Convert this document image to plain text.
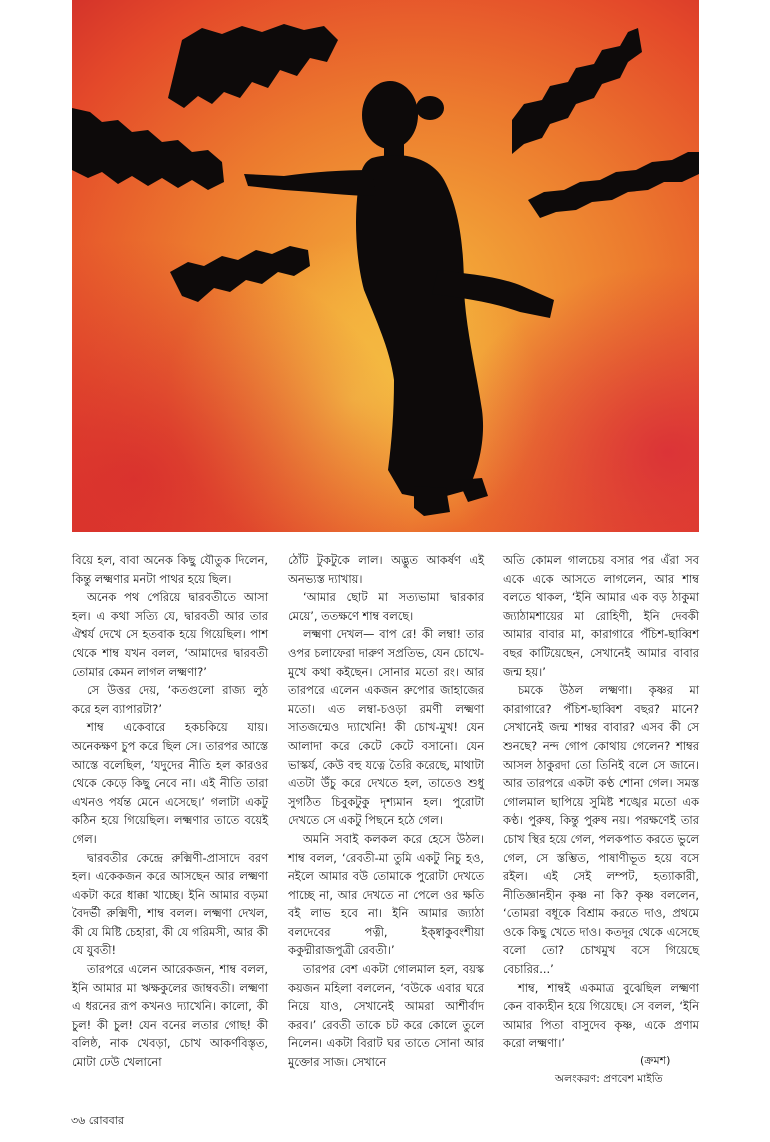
বিয়ে হল, বাবা অনেক কিছু যৌতুক দিলেন, কিন্তু লক্ষ্মণার মনটা পাথর হয়ে ছিল।

অনেক পথ পেরিয়ে দ্বারবতীতে আসা হল। এ কথা সত্যি যে, দ্বারবতী আর তার ঐশ্বর্য দেখে সে হতবাক হয়ে গিয়েছিল। পাশ থেকে শাম্ব যখন বলল, ‘আমাদের দ্বারবতী তোমার কেমন লাগল লক্ষ্মণা?’

সে উত্তর দেয়, ‘কতগুলো রাজ্য লুঠ করে হল ব্যাপারটা?’

শাম্ব একেবারে হকচকিয়ে যায়। অনেকক্ষণ চুপ করে ছিল সে। তারপর আস্তে আস্তে বলেছিল, ‘যদুদের নীতি হল কারওর থেকে কেড়ে কিছু নেবে না। এই নীতি তারা এখনও পর্যন্ত মেনে এসেছে।’ গলাটা একটু কঠিন হয়ে গিয়েছিল। লক্ষ্মণার তাতে বয়েই গেল।

দ্বারবতীর কেন্দ্রে রুক্মিণী-প্রাসাদে বরণ হল। একেকজন করে আসছেন আর লক্ষ্মণা একটা করে ধাক্কা খাচ্ছে। ইনি আমার বড়মা বৈদর্ভী রুক্মিণী, শাম্ব বলল। লক্ষ্মণা দেখল, কী যে মিষ্টি চেহারা, কী যে গরিমসী, আর কী যে যুবতী!

তারপরে এলেন আরেকজন, শাম্ব বলল, ইনি আমার মা ঋক্ষকুলের জাম্ববতী। লক্ষ্মণা এ ধরনের রূপ কখনও দ্যাখেনি। কালো, কী চুল! কী চুল! যেন বনের লতার গোছ! কী বলিষ্ঠ, নাক খেবড়া, চোখ আকর্ণবিস্তৃত, মোটা ঢেউ খেলানো

ঠোঁট টুকটুকে লাল। অদ্ভুত আকর্ষণ এই অনভ্যস্ত দ্যাখায়।

‘আমার ছোট মা সত্যভামা দ্বারকার মেয়ে’, ততক্ষণে শাম্ব বলছে।

লক্ষ্মণা দেখল— বাপ রে! কী লম্বা! তার ওপর চলাফেরা দারুণ সপ্রতিভ, যেন চোখে-মুখে কথা কইছেন। সোনার মতো রং। আর তারপরে এলেন একজন রুপোর জাহাজের মতো। এত লম্বা-চওড়া রমণী লক্ষ্মণা সাতজন্মেও দ্যাখেনি! কী চোখ-মুখ! যেন আলাদা করে কেটে কেটে বসানো। যেন ভাস্কর্য, কেউ বহু যত্নে তৈরি করেছে, মাথাটা এতটা উঁচু করে দেখতে হল, তাতেও শুধু সুগঠিত চিবুকটুকু দৃশ্যমান হল। পুরোটা দেখতে সে একটু পিছনে হঠে গেল।

অমনি সবাই কলকল করে হেসে উঠল। শাম্ব বলল, ‘রেবতী-মা তুমি একটু নিচু হও, নইলে আমার বউ তোমাকে পুরোটা দেখতে পাচ্ছে না, আর দেখতে না পেলে ওর ক্ষতি বই লাভ হবে না। ইনি আমার জ্যাঠা বলদেবের পত্নী, ইক্ষ্বাকুবংশীয়া ককুদ্মীরাজপুত্রী রেবতী।’

তারপর বেশ একটা গোলমাল হল, বয়স্ক কয়জন মহিলা বললেন, ‘বউকে এবার ঘরে নিয়ে যাও, সেখানেই আমরা আশীর্বাদ করব।’ রেবতী তাকে চট করে কোলে তুলে নিলেন। একটা বিরাট ঘর তাতে সোনা আর মুক্তোর সাজ। সেখানে

অতি কোমল গালচেয় বসার পর এঁরা সব একে একে আসতে লাগলেন, আর শাম্ব বলতে থাকল, ‘ইনি আমার এক বড় ঠাকুমা জ্যাঠামশায়ের মা রোহিণী, ইনি দেবকী আমার বাবার মা, কারাগারে পঁচিশ-ছাব্বিশ বছর কাটিয়েছেন, সেখানেই আমার বাবার জন্ম হয়।’

চমকে উঠল লক্ষ্মণা। কৃষ্ণর মা কারাগারে? পঁচিশ-ছাব্বিশ বছর? মানে? সেখানেই জন্ম শাম্বর বাবার? এসব কী সে শুনছে? নন্দ গোপ কোথায় গেলেন? শাম্বর আসল ঠাকুরদা তো তিনিই বলে সে জানে। আর তারপরে একটা কণ্ঠ শোনা গেল। সমস্ত গোলমাল ছাপিয়ে সুমিষ্ট শঙ্খের মতো এক কণ্ঠ। পুরুষ, কিন্তু পুরুষ নয়। পরক্ষণেই তার চোখ স্থির হয়ে গেল, পলকপাত করতে ভুলে গেল, সে স্তম্ভিত, পাষাণীভূত হয়ে বসে রইল। এই সেই লম্পট, হত্যাকারী, নীতিজ্ঞানহীন কৃষ্ণ না কি? কৃষ্ণ বললেন, ‘তোমরা বধূকে বিশ্রাম করতে দাও, প্রথমে ওকে কিছু খেতে দাও। কতদূর থেকে এসেছে বলো তো? চোখমুখ বসে গিয়েছে বেচারির...’

শাম্ব, শাম্বই একমাত্র বুঝেছিল লক্ষ্মণা কেন বাক্যহীন হয়ে গিয়েছে। সে বলল, ‘ইনি আমার পিতা বাসুদেব কৃষ্ণ, একে প্রণাম করো লক্ষ্মণা।’

(ক্রমশ)
অলংকরণ: প্রণবেশ মাইতি
৩৬ রোববার
